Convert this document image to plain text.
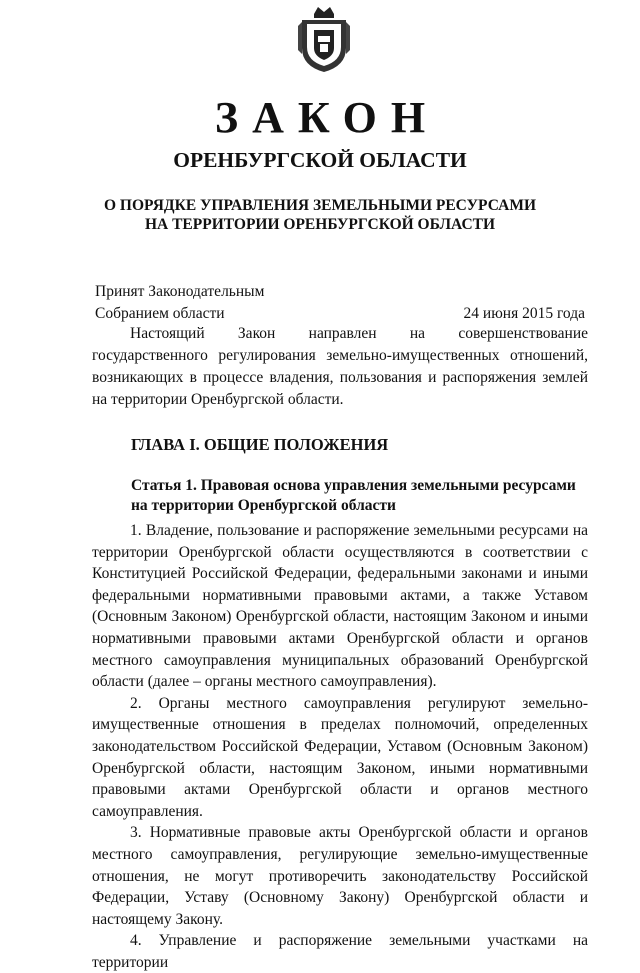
ЗАКОН
ОРЕНБУРГСКОЙ ОБЛАСТИ
О ПОРЯДКЕ УПРАВЛЕНИЯ ЗЕМЕЛЬНЫМИ РЕСУРСАМИ
НА ТЕРРИТОРИИ ОРЕНБУРГСКОЙ ОБЛАСТИ
Принят Законодательным
Собранием области	24 июня 2015 года

Настоящий Закон направлен на совершенствование государственного регулирования земельно-имущественных отношений, возникающих в процессе владения, пользования и распоряжения землей на территории Оренбургской области.

ГЛАВА I. ОБЩИЕ ПОЛОЖЕНИЯ
Статья 1. Правовая основа управления земельными ресурсами на территории Оренбургской области

1. Владение, пользование и распоряжение земельными ресурсами на территории Оренбургской области осуществляются в соответствии с Конституцией Российской Федерации, федеральными законами и иными федеральными нормативными правовыми актами, а также Уставом (Основным Законом) Оренбургской области, настоящим Законом и иными нормативными правовыми актами Оренбургской области и органов местного самоуправления муниципальных образований Оренбургской области (далее – органы местного самоуправления).

2. Органы местного самоуправления регулируют земельно-имущественные отношения в пределах полномочий, определенных законодательством Российской Федерации, Уставом (Основным Законом) Оренбургской области, настоящим Законом, иными нормативными правовыми актами Оренбургской области и органов местного самоуправления.

3. Нормативные правовые акты Оренбургской области и органов местного самоуправления, регулирующие земельно-имущественные отношения, не могут противоречить законодательству Российской Федерации, Уставу (Основному Закону) Оренбургской области и настоящему Закону.

4. Управление и распоряжение земельными участками на территории
